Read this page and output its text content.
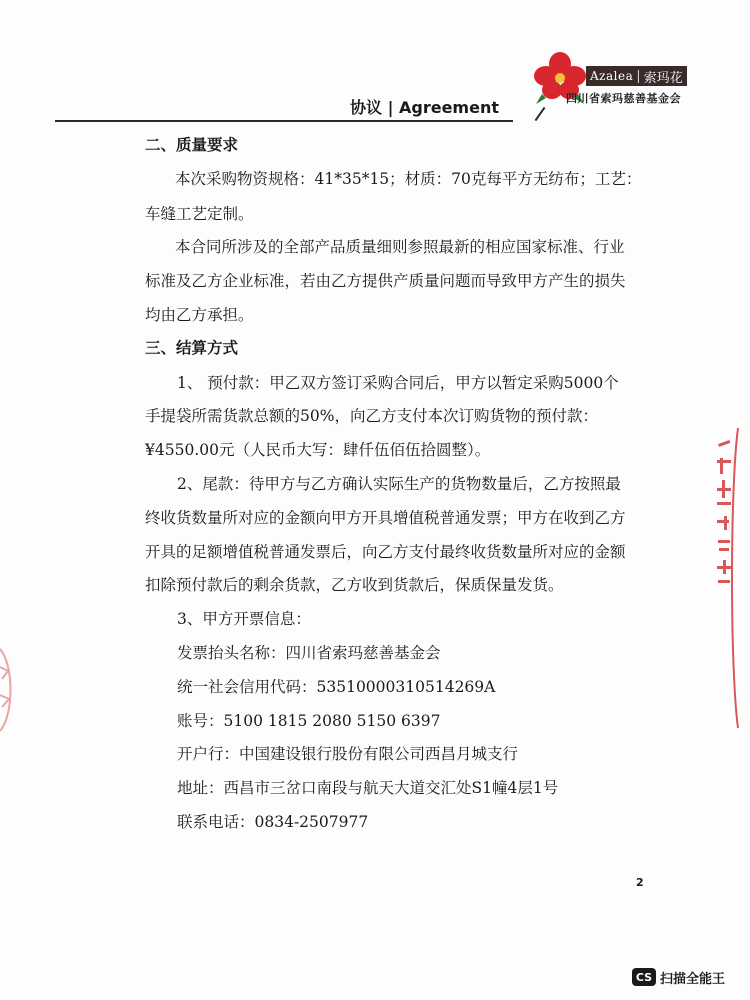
Azalea | 索玛花
四川省索玛慈善基金会
协议 | Agreement
二、质量要求
本次采购物资规格：41*35*15；材质：70克每平方无纺布；工艺：
车缝工艺定制。
本合同所涉及的全部产品质量细则参照最新的相应国家标准、行业
标准及乙方企业标准，若由乙方提供产质量问题而导致甲方产生的损失
均由乙方承担。
三、结算方式
1、 预付款：甲乙双方签订采购合同后，甲方以暂定采购5000个
手提袋所需货款总额的50%，向乙方支付本次订购货物的预付款：
¥4550.00元（人民币大写：肆仟伍佰伍拾圆整）。
2、尾款：待甲方与乙方确认实际生产的货物数量后，乙方按照最
终收货数量所对应的金额向甲方开具增值税普通发票；甲方在收到乙方
开具的足额增值税普通发票后，向乙方支付最终收货数量所对应的金额
扣除预付款后的剩余货款，乙方收到货款后，保质保量发货。
3、甲方开票信息：
发票抬头名称：四川省索玛慈善基金会
统一社会信用代码：53510000310514269A
账号：5100 1815 2080 5150 6397
开户行：中国建设银行股份有限公司西昌月城支行
地址：西昌市三岔口南段与航天大道交汇处S1幢4层1号
联系电话：0834-2507977
2
CS 扫描全能王
